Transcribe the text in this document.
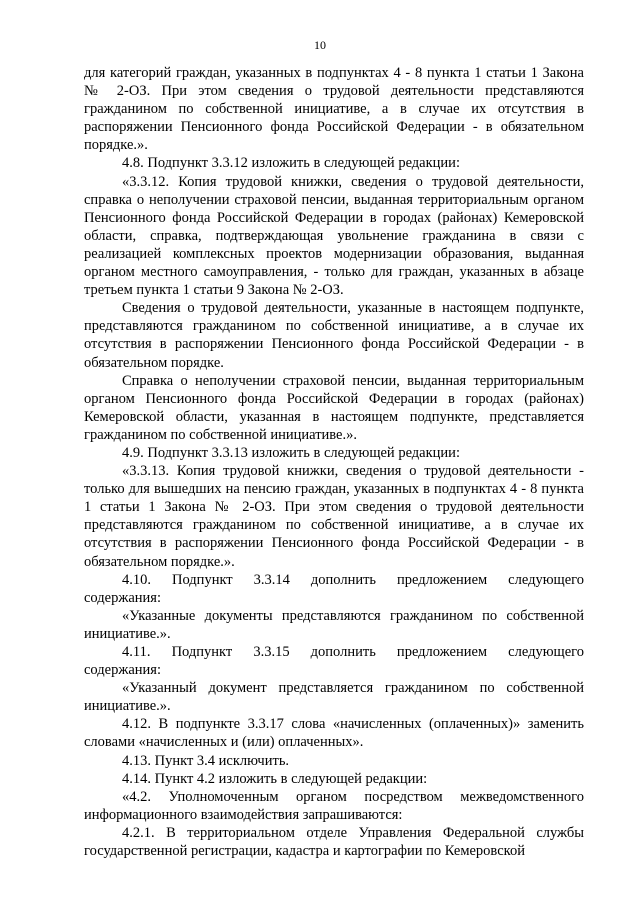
10

для категорий граждан, указанных в подпунктах 4 - 8 пункта 1 статьи 1 Закона № 2-ОЗ. При этом сведения о трудовой деятельности представляются гражданином по собственной инициативе, а в случае их отсутствия в распоряжении Пенсионного фонда Российской Федерации - в обязательном порядке.».

4.8. Подпункт 3.3.12 изложить в следующей редакции:

«3.3.12. Копия трудовой книжки, сведения о трудовой деятельности, справка о неполучении страховой пенсии, выданная территориальным органом Пенсионного фонда Российской Федерации в городах (районах) Кемеровской области, справка, подтверждающая увольнение гражданина в связи с реализацией комплексных проектов модернизации образования, выданная органом местного самоуправления, - только для граждан, указанных в абзаце третьем пункта 1 статьи 9 Закона № 2-ОЗ.

Сведения о трудовой деятельности, указанные в настоящем подпункте, представляются гражданином по собственной инициативе, а в случае их отсутствия в распоряжении Пенсионного фонда Российской Федерации - в обязательном порядке.

Справка о неполучении страховой пенсии, выданная территориальным органом Пенсионного фонда Российской Федерации в городах (районах) Кемеровской области, указанная в настоящем подпункте, представляется гражданином по собственной инициативе.».

4.9. Подпункт 3.3.13 изложить в следующей редакции:

«3.3.13. Копия трудовой книжки, сведения о трудовой деятельности - только для вышедших на пенсию граждан, указанных в подпунктах 4 - 8 пункта 1 статьи 1 Закона № 2-ОЗ. При этом сведения о трудовой деятельности представляются гражданином по собственной инициативе, а в случае их отсутствия в распоряжении Пенсионного фонда Российской Федерации - в обязательном порядке.».

4.10. Подпункт 3.3.14 дополнить предложением следующего

содержания:

«Указанные документы представляются гражданином по собственной инициативе.».

4.11. Подпункт 3.3.15 дополнить предложением следующего

содержания:

«Указанный документ представляется гражданином по собственной инициативе.».

4.12. В подпункте 3.3.17 слова «начисленных (оплаченных)» заменить словами «начисленных и (или) оплаченных».

4.13. Пункт 3.4 исключить.

4.14. Пункт 4.2 изложить в следующей редакции:

«4.2. Уполномоченным органом посредством межведомственного информационного взаимодействия запрашиваются:

4.2.1. В территориальном отделе Управления Федеральной службы государственной регистрации, кадастра и картографии по Кемеровской
